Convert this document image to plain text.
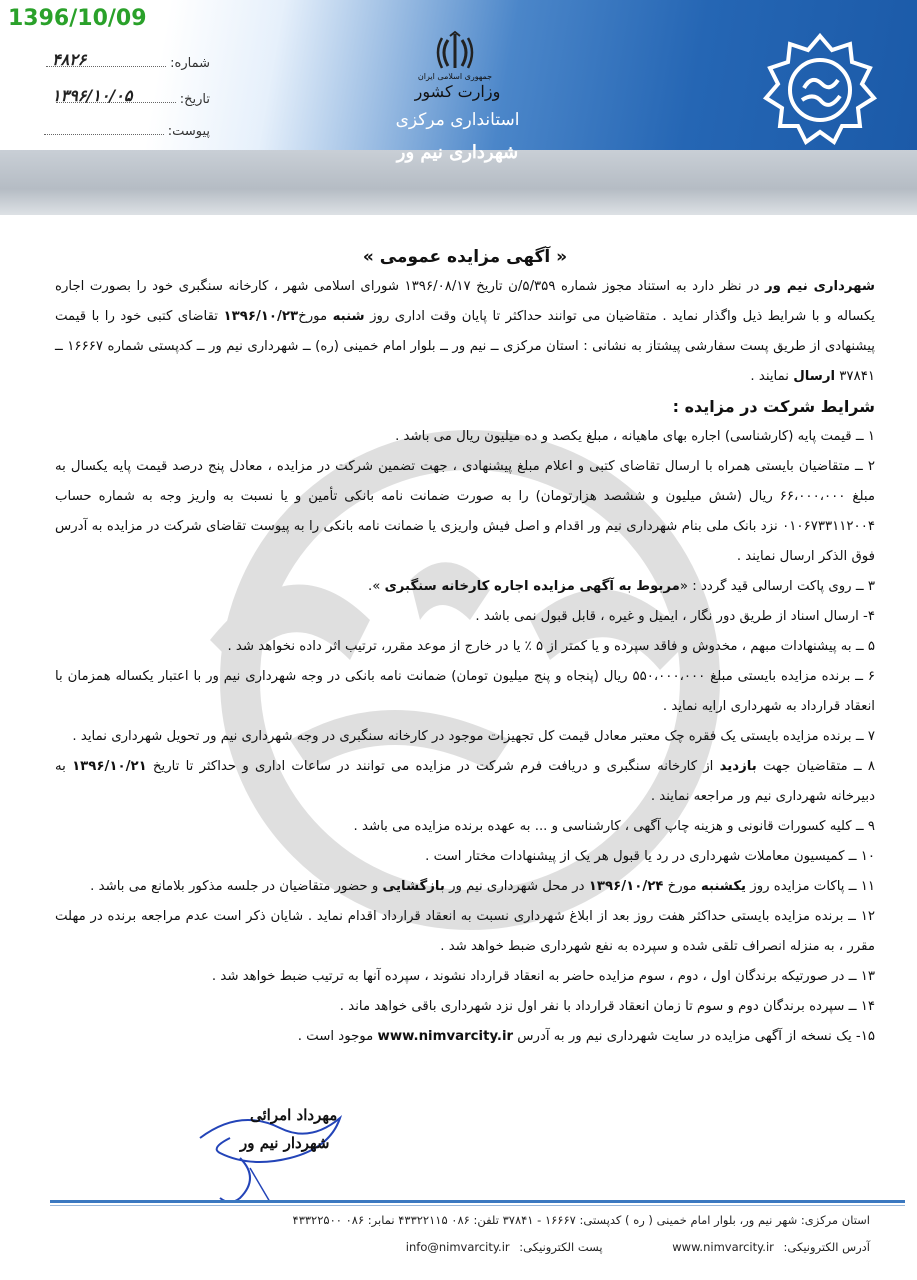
1396/10/09
شماره:
۴۸۲۶
تاریخ:
۱۳۹۶/۱۰/۰۵
پیوست:
جمهوری اسلامی ایران
وزارت کشور
استانداری مرکزی
شهرداری نیم ور
« آگهی مزایده عمومی »

شهرداری نیم ور در نظر دارد به استناد مجوز شماره ۵/۳۵۹/ن تاریخ ۱۳۹۶/۰۸/۱۷ شورای اسلامی شهر ، کارخانه سنگبری خود را بصورت اجاره یکساله و با شرایط ذیل واگذار نماید . متقاضیان می توانند حداکثر تا پایان وقت اداری روز شنبه مورخ۱۳۹۶/۱۰/۲۳ تقاضای کتبی خود را با قیمت پیشنهادی از طریق پست سفارشی پیشتاز به نشانی : استان مرکزی ــ نیم ور ــ بلوار امام خمینی (ره) ــ شهرداری نیم ور ــ کدپستی شماره ۱۶۶۶۷ ــ ۳۷۸۴۱ ارسال نمایند .

شرایط شرکت در مزایده :

۱ ــ قیمت پایه (کارشناسی) اجاره بهای ماهیانه ، مبلغ یکصد و ده میلیون ریال می باشد .

۲ ــ متقاضیان بایستی همراه با ارسال تقاضای کتبی و اعلام مبلغ پیشنهادی ، جهت تضمین شرکت در مزایده ، معادل پنج درصد قیمت پایه یکسال به مبلغ ۶۶،۰۰۰،۰۰۰ ریال (شش میلیون و ششصد هزارتومان) را به صورت ضمانت نامه بانکی تأمین و یا نسبت به واریز وجه به شماره حساب ۰۱۰۶۷۳۳۱۱۲۰۰۴ نزد بانک ملی بنام شهرداری نیم ور اقدام و اصل فیش واریزی یا ضمانت نامه بانکی را به پیوست تقاضای شرکت در مزایده به آدرس فوق الذکر ارسال نمایند .

۳ ــ روی پاکت ارسالی قید گردد : «مربوط به آگهی مزایده اجاره کارخانه سنگبری ».

۴- ارسال اسناد از طریق دور نگار ، ایمیل و غیره ، قابل قبول نمی باشد .

۵ ــ به پیشنهادات مبهم ، مخدوش و فاقد سپرده و یا کمتر از ۵ ٪ یا در خارج از موعد مقرر، ترتیب اثر داده نخواهد شد .

۶ ــ برنده مزایده بایستی مبلغ ۵۵۰،۰۰۰،۰۰۰ ریال (پنجاه و پنج میلیون تومان) ضمانت نامه بانکی در وجه شهرداری نیم ور با اعتبار یکساله همزمان با انعقاد قرارداد به شهرداری ارایه نماید .

۷ ــ برنده مزایده بایستی یک فقره چک معتبر معادل قیمت کل تجهیزات موجود در کارخانه سنگبری در وجه شهرداری نیم ور تحویل شهرداری نماید .

۸ ــ متقاضیان جهت بازدید از کارخانه سنگبری و دریافت فرم شرکت در مزایده می توانند در ساعات اداری و حداکثر تا تاریخ ۱۳۹۶/۱۰/۲۱ به دبیرخانه شهرداری نیم ور مراجعه نمایند .

۹ ــ کلیه کسورات قانونی و هزینه چاپ آگهی ، کارشناسی و ... به عهده برنده مزایده می باشد .

۱۰ ــ کمیسیون معاملات شهرداری در رد یا قبول هر یک از پیشنهادات مختار است .

۱۱ ــ پاکات مزایده روز یکشنبه مورخ ۱۳۹۶/۱۰/۲۴ در محل شهرداری نیم ور بازگشایی و حضور متقاضیان در جلسه مذکور بلامانع می باشد .

۱۲ ــ برنده مزایده بایستی حداکثر هفت روز بعد از ابلاغ شهرداری نسبت به انعقاد قرارداد اقدام نماید . شایان ذکر است عدم مراجعه برنده در مهلت مقرر ، به منزله انصراف تلقی شده و سپرده به نفع شهرداری ضبط خواهد شد .

۱۳ ــ در صورتیکه برندگان اول ، دوم ، سوم مزایده حاضر به انعقاد قرارداد نشوند ، سپرده آنها به ترتیب ضبط خواهد شد .

۱۴ ــ سپرده برندگان دوم و سوم تا زمان انعقاد قرارداد با نفر اول نزد شهرداری باقی خواهد ماند .

۱۵- یک نسخه از آگهی مزایده در سایت شهرداری نیم ور به آدرس www.nimvarcity.ir موجود است .

مهرداد امرائی
شهردار نیم ور
استان مرکزی: شهر نیم ور، بلوار امام خمینی ( ره ) کدپستی: ۱۶۶۶۷ - ۳۷۸۴۱ تلفن: ۰۸۶ ۴۳۳۲۲۱۱۵ نمابر: ۰۸۶ ۴۳۳۲۲۵۰۰
آدرس الکترونیکی: www.nimvarcity.ir پست الکترونیکی: info@nimvarcity.ir
